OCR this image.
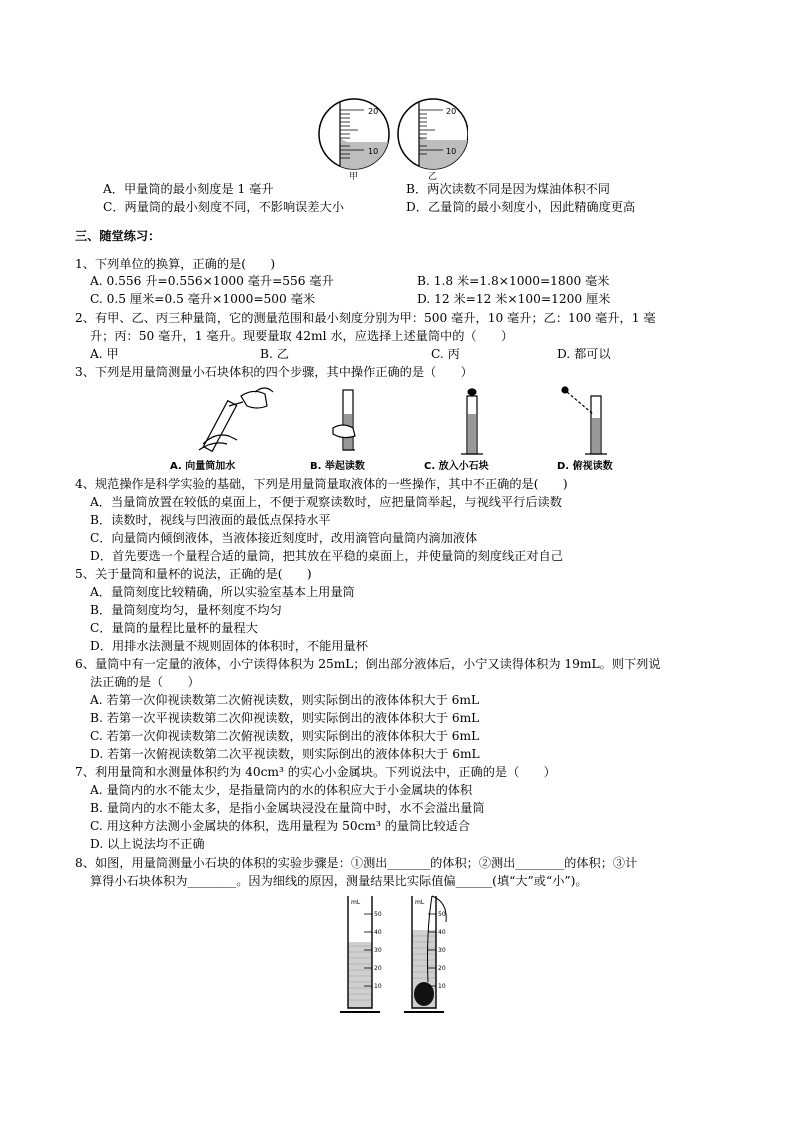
20
10
甲
20
10
乙
A．甲量筒的最小刻度是 1 毫升	B．两次读数不同是因为煤油体积不同
C．两量筒的最小刻度不同，不影响误差大小	D．乙量筒的最小刻度小，因此精确度更高
三、随堂练习：
1、下列单位的换算，正确的是(　　)
A. 0.556 升=0.556×1000 毫升=556 毫升	B. 1.8 米=1.8×1000=1800 毫米
C. 0.5 厘米=0.5 毫升×1000=500 毫米	D. 12 米=12 米×100=1200 厘米
2、有甲、乙、丙三种量筒，它的测量范围和最小刻度分别为甲：500 毫升，10 毫升；乙：100 毫升，1 毫
升；丙：50 毫升，1 毫升。现要量取 42ml 水，应选择上述量筒中的（　　）
A. 甲	B. 乙	C. 丙	D. 都可以
3、下列是用量筒测量小石块体积的四个步骤，其中操作正确的是（　　）
A. 向量筒加水	B. 举起读数	C. 放入小石块	D. 俯视读数
4、规范操作是科学实验的基础，下列是用量筒量取液体的一些操作，其中不正确的是(　　)
A．当量筒放置在较低的桌面上，不便于观察读数时，应把量筒举起，与视线平行后读数
B．读数时，视线与凹液面的最低点保持水平
C．向量筒内倾倒液体，当液体接近刻度时，改用滴管向量筒内滴加液体
D．首先要选一个量程合适的量筒，把其放在平稳的桌面上，并使量筒的刻度线正对自己
5、关于量筒和量杯的说法，正确的是(　　)
A．量筒刻度比较精确，所以实验室基本上用量筒
B．量筒刻度均匀，量杯刻度不均匀
C．量筒的量程比量杯的量程大
D．用排水法测量不规则固体的体积时，不能用量杯
6、量筒中有一定量的液体，小宁读得体积为 25mL；倒出部分液体后，小宁又读得体积为 19mL。则下列说
法正确的是（　　）
A. 若第一次仰视读数第二次俯视读数，则实际倒出的液体体积大于 6mL
B. 若第一次平视读数第二次仰视读数，则实际倒出的液体体积大于 6mL
C. 若第一次仰视读数第二次俯视读数，则实际倒出的液体体积大于 6mL
D. 若第一次俯视读数第二次平视读数，则实际倒出的液体体积大于 6mL
7、利用量筒和水测量体积约为 40cm³ 的实心小金属块。下列说法中，正确的是（　　）
A. 量筒内的水不能太少，是指量筒内的水的体积应大于小金属块的体积
B. 量筒内的水不能太多，是指小金属块浸没在量筒中时，水不会溢出量筒
C. 用这种方法测小金属块的体积，选用量程为 50cm³ 的量筒比较适合
D. 以上说法均不正确
8、如图，用量筒测量小石块的体积的实验步骤是：①测出_______的体积；②测出________的体积；③计
算得小石块体积为________。因为细线的原因，测量结果比实际值偏______(填“大”或“小”)。
mL
50
40
30
20
10
mL
50
40
30
20
10
